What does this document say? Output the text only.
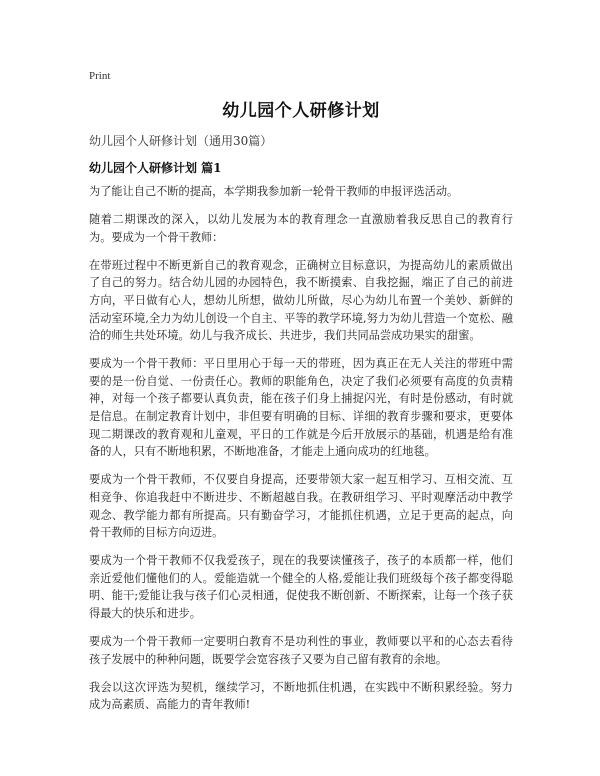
Print
幼儿园个人研修计划
幼儿园个人研修计划（通用30篇）
幼儿园个人研修计划 篇1

为了能让自己不断的提高，本学期我参加新一轮骨干教师的申报评选活动。

随着二期课改的深入，以幼儿发展为本的教育理念一直激励着我反思自己的教育行为。要成为一个骨干教师：

在带班过程中不断更新自己的教育观念，正确树立目标意识，为提高幼儿的素质做出了自己的努力。结合幼儿园的办园特色，我不断摸索、自我挖掘，端正了自己的前进方向，平日做有心人，想幼儿所想，做幼儿所做，尽心为幼儿布置一个美妙、新鲜的活动室环境,全力为幼儿创设一个自主、平等的教学环境,努力为幼儿营造一个宽松、融洽的师生共处环境。幼儿与我齐成长、共进步，我们共同品尝成功果实的甜蜜。

要成为一个骨干教师：平日里用心于每一天的带班，因为真正在无人关注的带班中需要的是一份自觉、一份责任心。教师的职能角色，决定了我们必须要有高度的负责精神，对每一个孩子都要认真负责，能在孩子们身上捕捉闪光，有时是份感动，有时就是信息。在制定教育计划中，非但要有明确的目标、详细的教育步骤和要求，更要体现二期课改的教育观和儿童观，平日的工作就是今后开放展示的基础，机遇是给有准备的人，只有不断地积累，不断地准备，才能走上通向成功的红地毯。

要成为一个骨干教师，不仅要自身提高，还要带领大家一起互相学习、互相交流、互相竞争、你追我赶中不断进步、不断超越自我。在教研组学习、平时观摩活动中教学观念、教学能力都有所提高。只有勤奋学习，才能抓住机遇，立足于更高的起点，向骨干教师的目标方向迈进。

要成为一个骨干教师不仅我爱孩子，现在的我要读懂孩子，孩子的本质都一样，他们亲近爱他们懂他们的人。爱能造就一个健全的人格,爱能让我们班级每个孩子都变得聪明、能干;爱能让我与孩子们心灵相通，促使我不断创新、不断探索，让每一个孩子获得最大的快乐和进步。

要成为一个骨干教师一定要明白教育不是功利性的事业，教师要以平和的心态去看待孩子发展中的种种问题，既要学会宽容孩子又要为自己留有教育的余地。

我会以这次评选为契机，继续学习，不断地抓住机遇，在实践中不断积累经验。努力成为高素质、高能力的青年教师!
